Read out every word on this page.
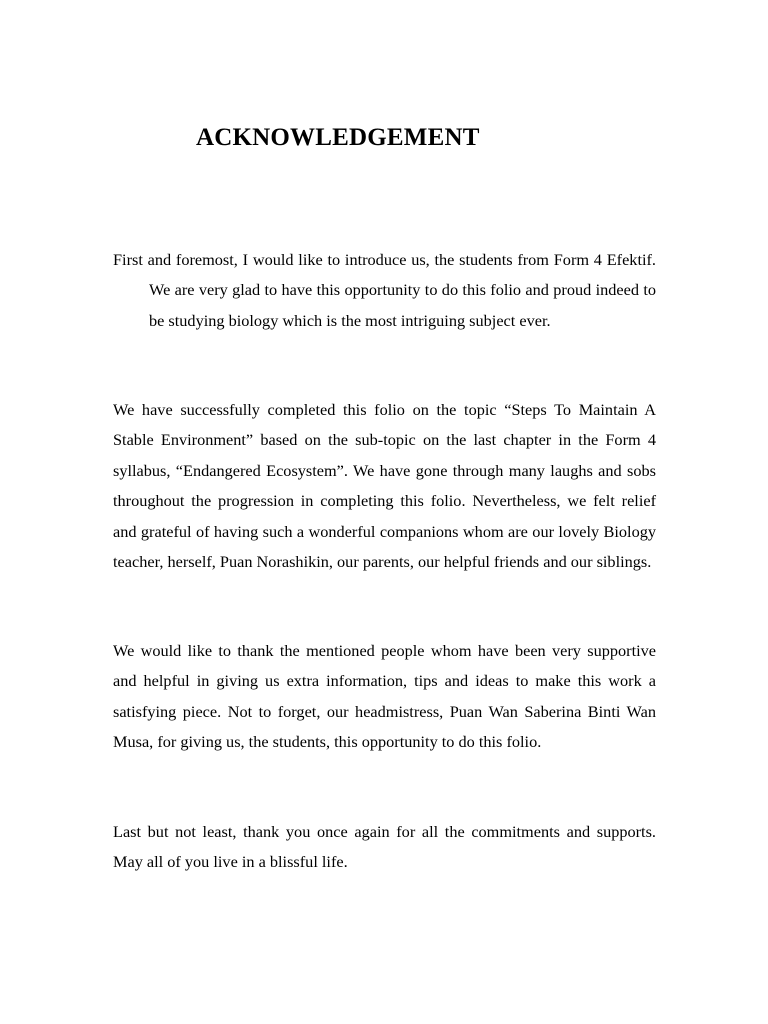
ACKNOWLEDGEMENT

First and foremost, I would like to introduce us, the students from Form 4 Efektif. We are very glad to have this opportunity to do this folio and proud indeed to be studying biology which is the most intriguing subject ever.

We have successfully completed this folio on the topic “Steps To Maintain A Stable Environment” based on the sub-topic on the last chapter in the Form 4 syllabus, “Endangered Ecosystem”. We have gone through many laughs and sobs throughout the progression in completing this folio. Nevertheless, we felt relief and grateful of having such a wonderful companions whom are our lovely Biology teacher, herself, Puan Norashikin, our parents, our helpful friends and our siblings.

We would like to thank the mentioned people whom have been very supportive and helpful in giving us extra information, tips and ideas to make this work a satisfying piece. Not to forget, our headmistress, Puan Wan Saberina Binti Wan Musa, for giving us, the students, this opportunity to do this folio.

Last but not least, thank you once again for all the commitments and supports. May all of you live in a blissful life.
